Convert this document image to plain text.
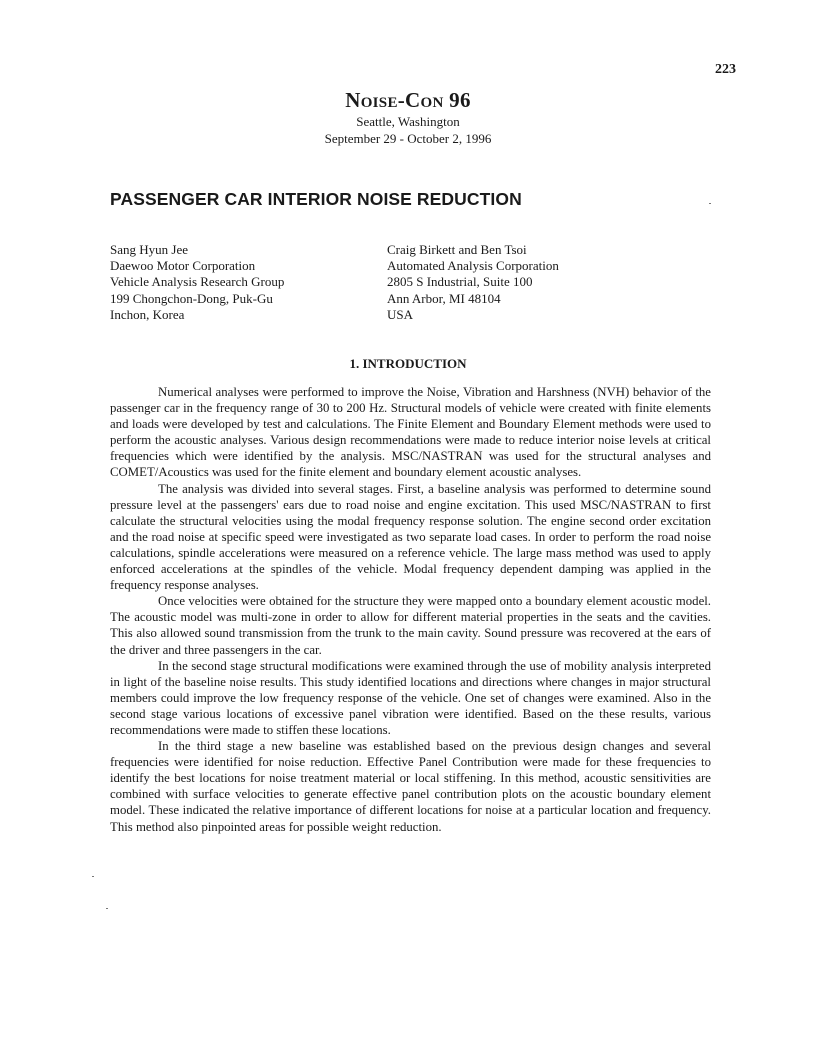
223
Noise-Con 96
Seattle, Washington
September 29 - October 2, 1996
PASSENGER CAR INTERIOR NOISE REDUCTION
Sang Hyun Jee
Daewoo Motor Corporation
Vehicle Analysis Research Group
199 Chongchon-Dong, Puk-Gu
Inchon, Korea
Craig Birkett and Ben Tsoi
Automated Analysis Corporation
2805 S Industrial, Suite 100
Ann Arbor, MI 48104
USA
1. INTRODUCTION

Numerical analyses were performed to improve the Noise, Vibration and Harshness (NVH) behavior of the passenger car in the frequency range of 30 to 200 Hz. Structural models of vehicle were created with finite elements and loads were developed by test and calculations. The Finite Element and Boundary Element methods were used to perform the acoustic analyses. Various design recommendations were made to reduce interior noise levels at critical frequencies which were identified by the analysis. MSC/NASTRAN was used for the structural analyses and COMET/Acoustics was used for the finite element and boundary element acoustic analyses.

The analysis was divided into several stages. First, a baseline analysis was performed to determine sound pressure level at the passengers' ears due to road noise and engine excitation. This used MSC/NASTRAN to first calculate the structural velocities using the modal frequency response solution. The engine second order excitation and the road noise at specific speed were investigated as two separate load cases. In order to perform the road noise calculations, spindle accelerations were measured on a reference vehicle. The large mass method was used to apply enforced accelerations at the spindles of the vehicle. Modal frequency dependent damping was applied in the frequency response analyses.

Once velocities were obtained for the structure they were mapped onto a boundary element acoustic model. The acoustic model was multi-zone in order to allow for different material properties in the seats and the cavities. This also allowed sound transmission from the trunk to the main cavity. Sound pressure was recovered at the ears of the driver and three passengers in the car.

In the second stage structural modifications were examined through the use of mobility analysis interpreted in light of the baseline noise results. This study identified locations and directions where changes in major structural members could improve the low frequency response of the vehicle. One set of changes were examined. Also in the second stage various locations of excessive panel vibration were identified. Based on the these results, various recommendations were made to stiffen these locations.

In the third stage a new baseline was established based on the previous design changes and several frequencies were identified for noise reduction. Effective Panel Contribution were made for these frequencies to identify the best locations for noise treatment material or local stiffening. In this method, acoustic sensitivities are combined with surface velocities to generate effective panel contribution plots on the acoustic boundary element model. These indicated the relative importance of different locations for noise at a particular location and frequency. This method also pinpointed areas for possible weight reduction.
